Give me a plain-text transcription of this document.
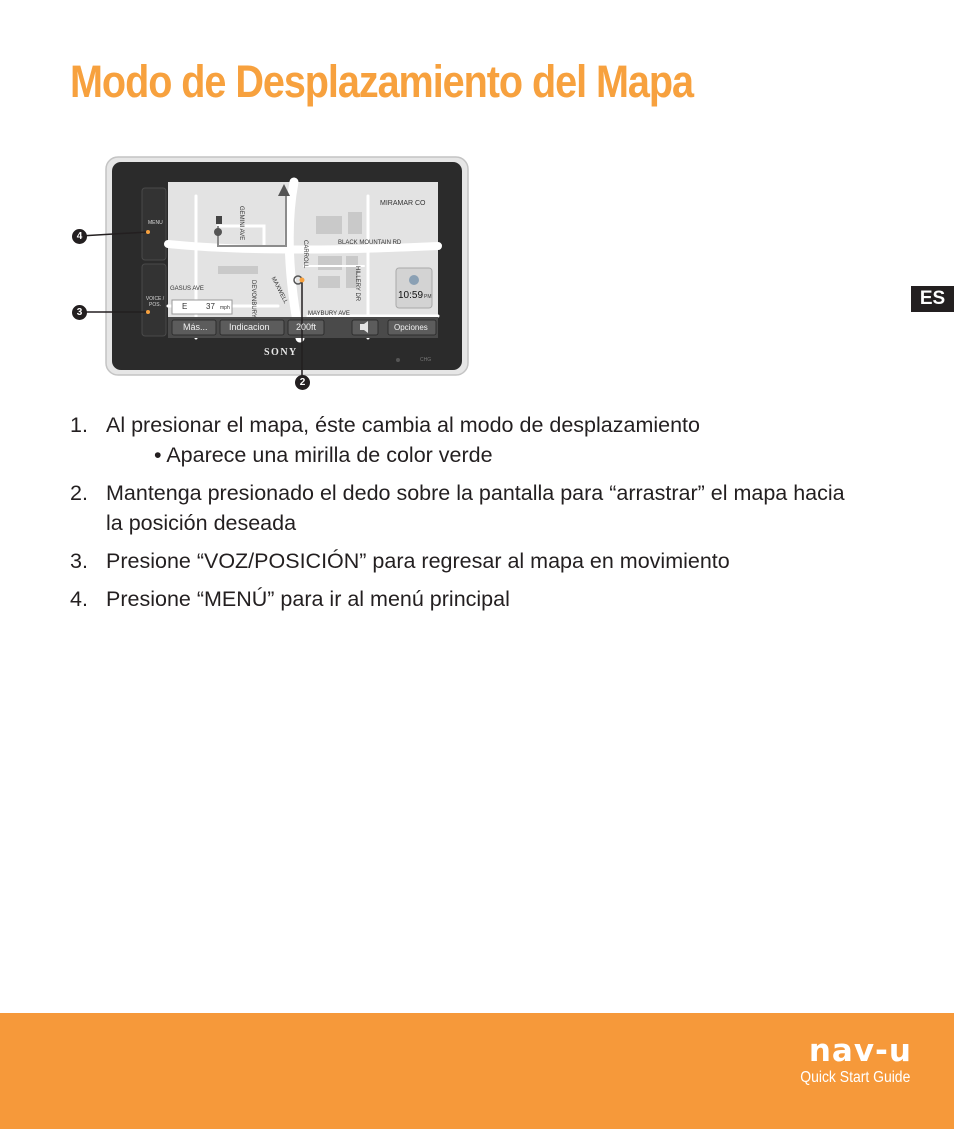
Modo de Desplazamiento del Mapa
ES
MIRAMAR CO
BLACK MOUNTAIN RD
GEMINI AVE
GASUS AVE	DEVONBURY MAXWELL	HILLERY DR
MAYBURY AVE
CARROLL
E 37 mph
10:59 PM
Más... Indicacion	200ft	Opciones
MENU
VOICE / POS.
CHG
SONY
4
3
2
1. Al presionar el mapa, éste cambia al modo de desplazamiento
• Aparece una mirilla de color verde
2. Mantenga presionado el dedo sobre la pantalla para “arrastrar” el mapa hacia la posición deseada
3. Presione “VOZ/POSICIÓN” para regresar al mapa en movimiento
4. Presione “MENÚ” para ir al menú principal
nav-u
Quick Start Guide
